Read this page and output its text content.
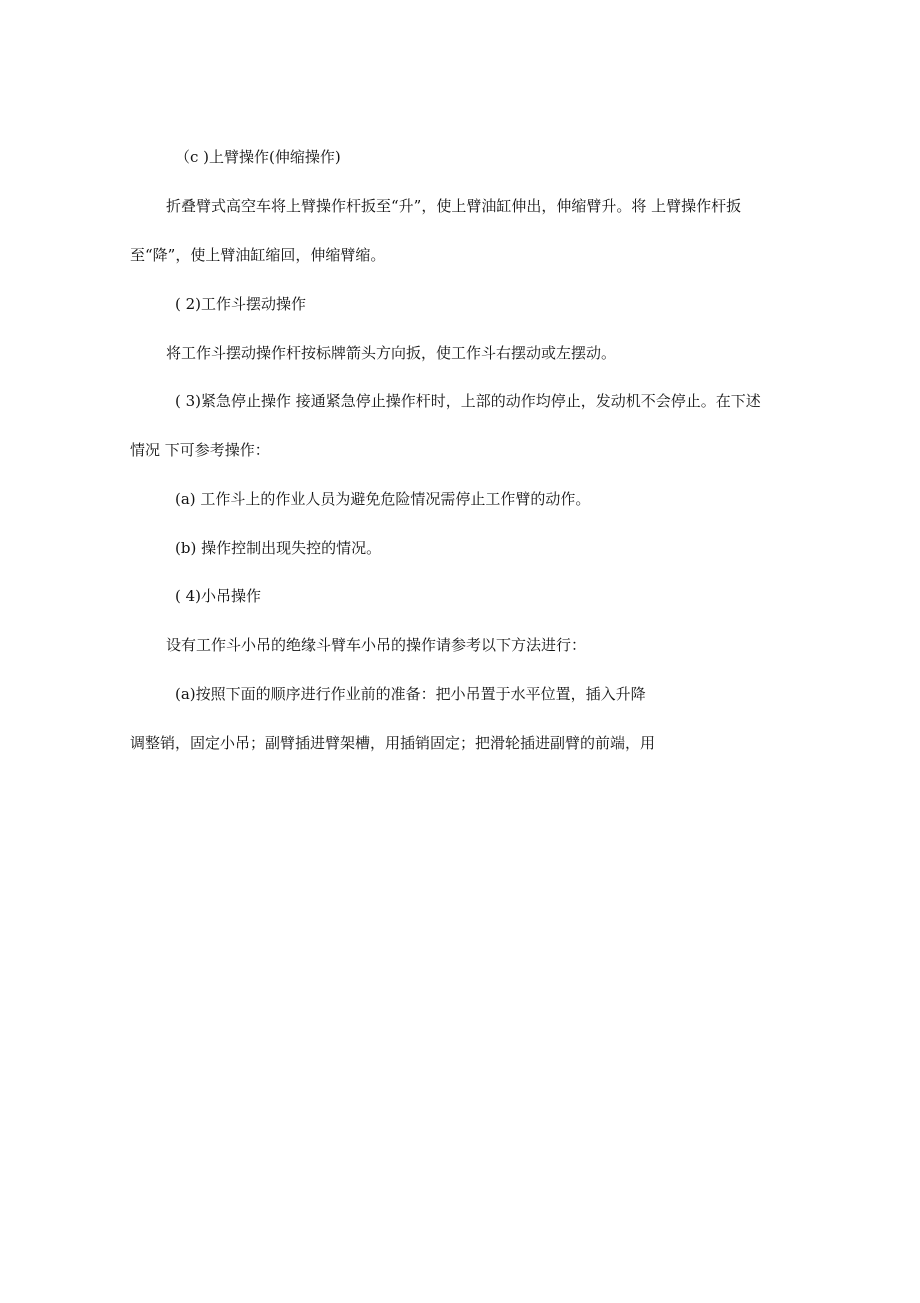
（c )上臂操作(伸缩操作)
折叠臂式高空车将上臂操作杆扳至“升”，使上臂油缸伸出，伸缩臂升。将 上臂操作杆扳
至“降”，使上臂油缸缩回，伸缩臂缩。
( 2)工作斗摆动操作
将工作斗摆动操作杆按标牌箭头方向扳，使工作斗右摆动或左摆动。
( 3)紧急停止操作 接通紧急停止操作杆时，上部的动作均停止，发动机不会停止。在下述
情况 下可参考操作：
(a) 工作斗上的作业人员为避免危险情况需停止工作臂的动作。
(b) 操作控制出现失控的情况。
( 4)小吊操作
设有工作斗小吊的绝缘斗臂车小吊的操作请参考以下方法进行：
(a)按照下面的顺序进行作业前的准备：把小吊置于水平位置，插入升降
调整销，固定小吊；副臂插进臂架槽，用插销固定；把滑轮插进副臂的前端，用
